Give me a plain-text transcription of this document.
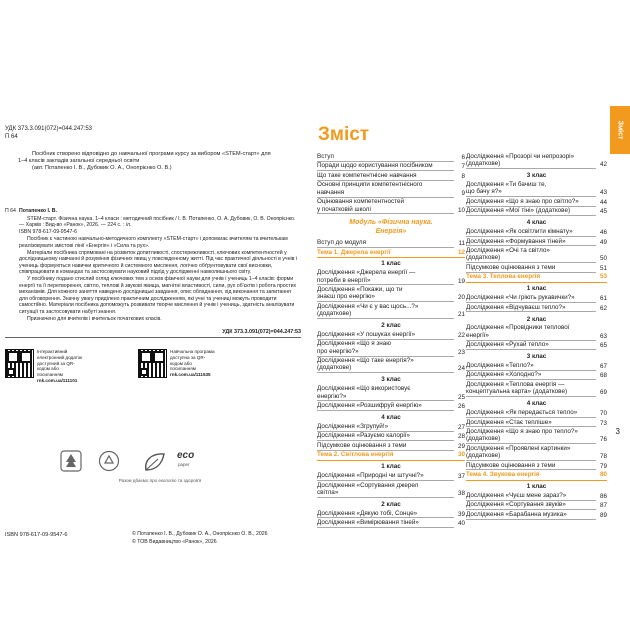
УДК 373.3.091(072)=044.247:53
П 64

Посібник створено відповідно до навчальної програми курсу за вибором «STEM-старт» для 1–4 класів закладів загальної середньої освіти

(авт. Потапенко І. В., Дубовик О. А., Онопрієнко О. В.)

П 64 Потапенко І. В.

STEM-старт. Фізична наука. 1–4 класи : методичний посібник / І. В. Потапенко, О. А. Дубовик, О. В. Онопрієнко. — Харків : Вид-во «Ранок», 2026. — 224 с. : іл.

ISBN 978-617-09-9547-6

Посібник є частиною навчально-методичного комплекту «STEM-старт» і допомагає вчителям та вчителькам реалізовувати змістові лінії «Енергія» і «Сила та рух».

Матеріали посібника спрямовані на розвиток допитливості, спостережливості, ключових компетентностей у дослідницькому навчанні й розуміння фізичних явищ у повсякденному житті. Під час практичної діяльності в учнів і учениць формуються навички критичного й системного мислення, логічно обґрунтовувати свої висновки, співпрацювати в командах та застосовувати науковий підхід у дослідженні навколишнього світу.

У посібнику подано стислий огляд ключових тем з основ фізичної науки для учнів і учениць 1–4 класів: форми енергії та її перетворення, світло, теплові й звукові явища, магнітні властивості, сили, рух об'єктів і робота простих механізмів. Для кожного заняття наведено дослідницькі завдання, опис обладнання, хід виконання та запитання для обговорення. Значну увагу приділено практичним дослідженням, які учні та учениці можуть проводити самостійно. Матеріали посібника допоможуть розвивати творче мислення й учнів і учениць, здатність аналізувати ситуації та застосовувати набуті знання.

Призначено для вчителів і вчительок початкових класів.

УДК 373.3.091(072)=044.247:53
Інтерактивний електронний додаток доступний за QR-кодом або посиланням rnk.com.ua/111101
Навчальна програма доступна за QR-кодом або посиланням rnk.com.ua/111535
eco
paper
Разом дбаємо про екологію та здоров'я
ISBN 978-617-09-9547-6	© Потапенко І. В., Дубовик О. А., Онопрієнко О. В., 2026
© ТОВ Видавництво «Ранок», 2026
Зміст
Зміст
Вступ	6
Поради щодо користування посібником	7
Що таке компетентнісне навчання	8
Основні принципи компетентнісного
навчання	9
Оцінювання компетентностей
у початковій школі	10
Модуль «Фізична наука.
Енергія»
Вступ до модуля	11
Тема 1. Джерела енергії	12
1 клас
Дослідження «Джерела енергії —
потреби в енергії»	19
Дослідження «Покажи, що ти
знаєш про енергію»	20
Дослідження «Чи є у вас щось...?»
(додаткове)	21
2 клас
Дослідження «У пошуках енергії»	22
Дослідження «Що я знаю
про енергію?»	23
Дослідження «Що таке енергія?»
(додаткове)	24
3 клас
Дослідження «Що використовує
енергію?»	25
Дослідження «Розшифруй енергію»	26
4 клас
Дослідження «Згрупуй!»	27
Дослідження «Разуємо калорії»	28
Підсумкове оцінювання з теми	29
Тема 2. Світлова енергія	30
1 клас
Дослідження «Природні чи штучні?»	37
Дослідження «Сортування джерел
світла»	38
2 клас
Дослідження «Дякую тобі, Сонце»	39
Дослідження «Вимірювання тіней»	40
Дослідження «Прозорі чи непрозорі»
(додаткове)	42
3 клас
Дослідження «Ти бачиш те,
що бачу я?»	43
Дослідження «Що я знаю про світло?»	44
Дослідження «Мої тіні» (додаткове)	45
4 клас
Дослідження «Як освітлити кімнату»	46
Дослідження «Формування тіней»	49
Дослідження «Очі та світло»
(додаткове)	50
Підсумкове оцінювання з теми	51
Тема 3. Теплова енергія	53
1 клас
Дослідження «Чи гріють рукавички?»	61
Дослідження «Відчуваєш тепло?»	62
2 клас
Дослідження «Провідники теплової
енергії»	63
Дослідження «Рухай тепло»	65
3 клас
Дослідження «Тепло?»	67
Дослідження «Холодно?»	68
Дослідження «Теплова енергія —
концептуальна карта» (додаткове)	69
4 клас
Дослідження «Як передається тепло»	70
Дослідження «Стає тепліше»	73
Дослідження «Що я знаю про тепло?»
(додаткове)	76
Дослідження «Проявлені картинки»
(додаткове)	78
Підсумкове оцінювання з теми	79
Тема 4. Звукова енергія	80
1 клас
Дослідження «Чуєш мене зараз?»	86
Дослідження «Сортування звуків»	87
Дослідження «Барабанна музика»	89
3
